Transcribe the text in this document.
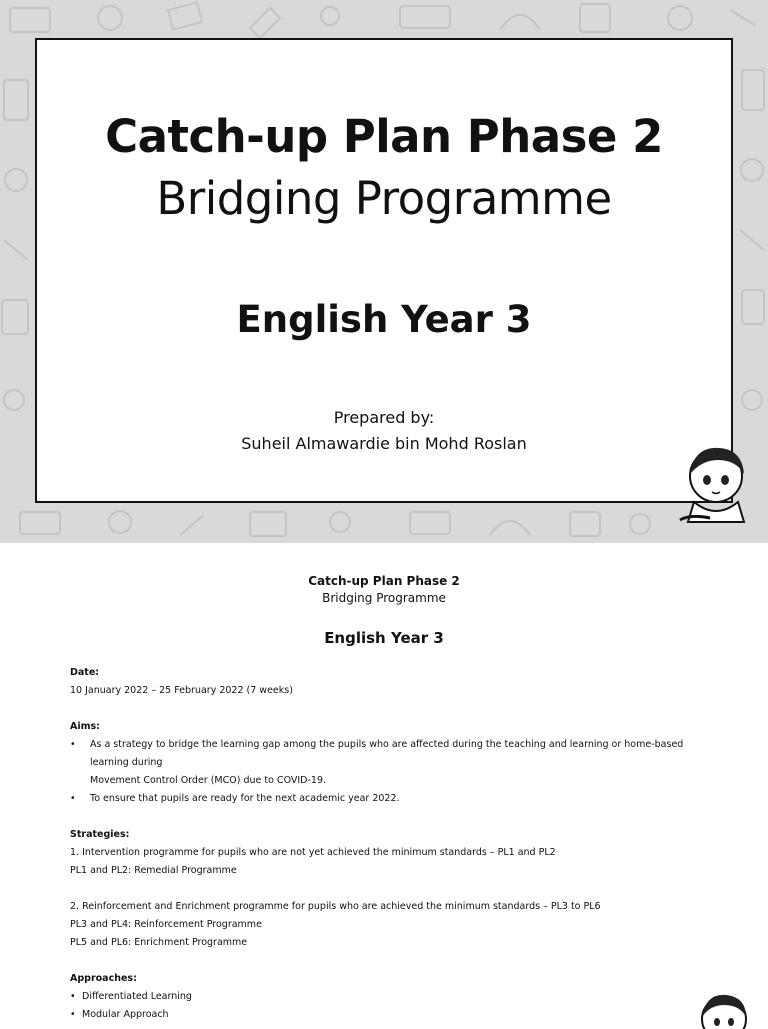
Catch-up Plan Phase 2
Bridging Programme
English Year 3
Prepared by:
Suheil Almawardie bin Mohd Roslan
Catch-up Plan Phase 2
Bridging Programme
English Year 3
Date:
10 January 2022 – 25 February 2022 (7 weeks)
Aims:
• As a strategy to bridge the learning gap among the pupils who are affected during the teaching and learning or home-based learning during
Movement Control Order (MCO) due to COVID-19.
• To ensure that pupils are ready for the next academic year 2022.
Strategies:
1. Intervention programme for pupils who are not yet achieved the minimum standards – PL1 and PL2
PL1 and PL2: Remedial Programme
2. Reinforcement and Enrichment programme for pupils who are achieved the minimum standards – PL3 to PL6
PL3 and PL4: Reinforcement Programme
PL5 and PL6: Enrichment Programme
Approaches:
• Differentiated Learning
• Modular Approach
